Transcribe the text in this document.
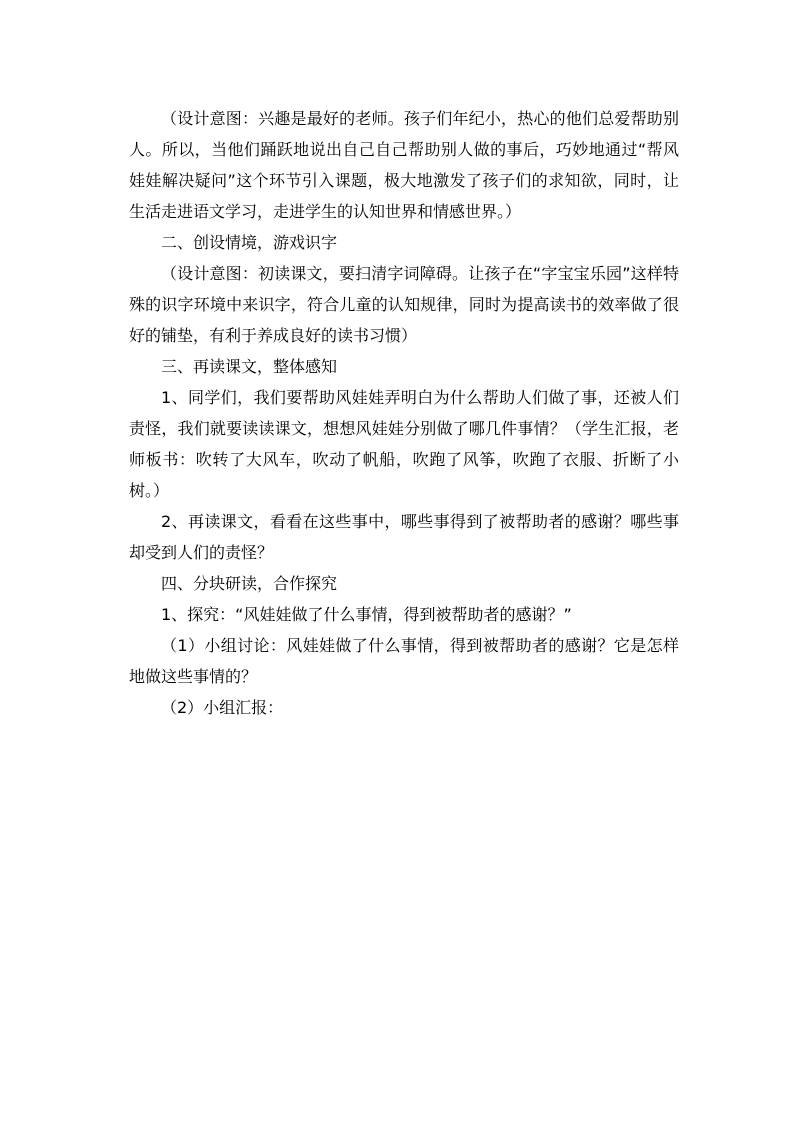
（设计意图：兴趣是最好的老师。孩子们年纪小，热心的他们总爱帮助别人。所以，当他们踊跃地说出自己自己帮助别人做的事后，巧妙地通过“帮风娃娃解决疑问”这个环节引入课题，极大地激发了孩子们的求知欲，同时，让生活走进语文学习，走进学生的认知世界和情感世界。）

二、创设情境，游戏识字

（设计意图：初读课文，要扫清字词障碍。让孩子在“字宝宝乐园”这样特殊的识字环境中来识字，符合儿童的认知规律，同时为提高读书的效率做了很好的铺垫，有利于养成良好的读书习惯）

三、再读课文，整体感知

1、同学们，我们要帮助风娃娃弄明白为什么帮助人们做了事，还被人们责怪，我们就要读读课文，想想风娃娃分别做了哪几件事情？（学生汇报，老师板书：吹转了大风车，吹动了帆船，吹跑了风筝，吹跑了衣服、折断了小树。）

2、再读课文，看看在这些事中，哪些事得到了被帮助者的感谢？哪些事却受到人们的责怪？

四、分块研读，合作探究

1、探究：“风娃娃做了什么事情，得到被帮助者的感谢？”

（1）小组讨论：风娃娃做了什么事情，得到被帮助者的感谢？它是怎样地做这些事情的？

（2）小组汇报：
